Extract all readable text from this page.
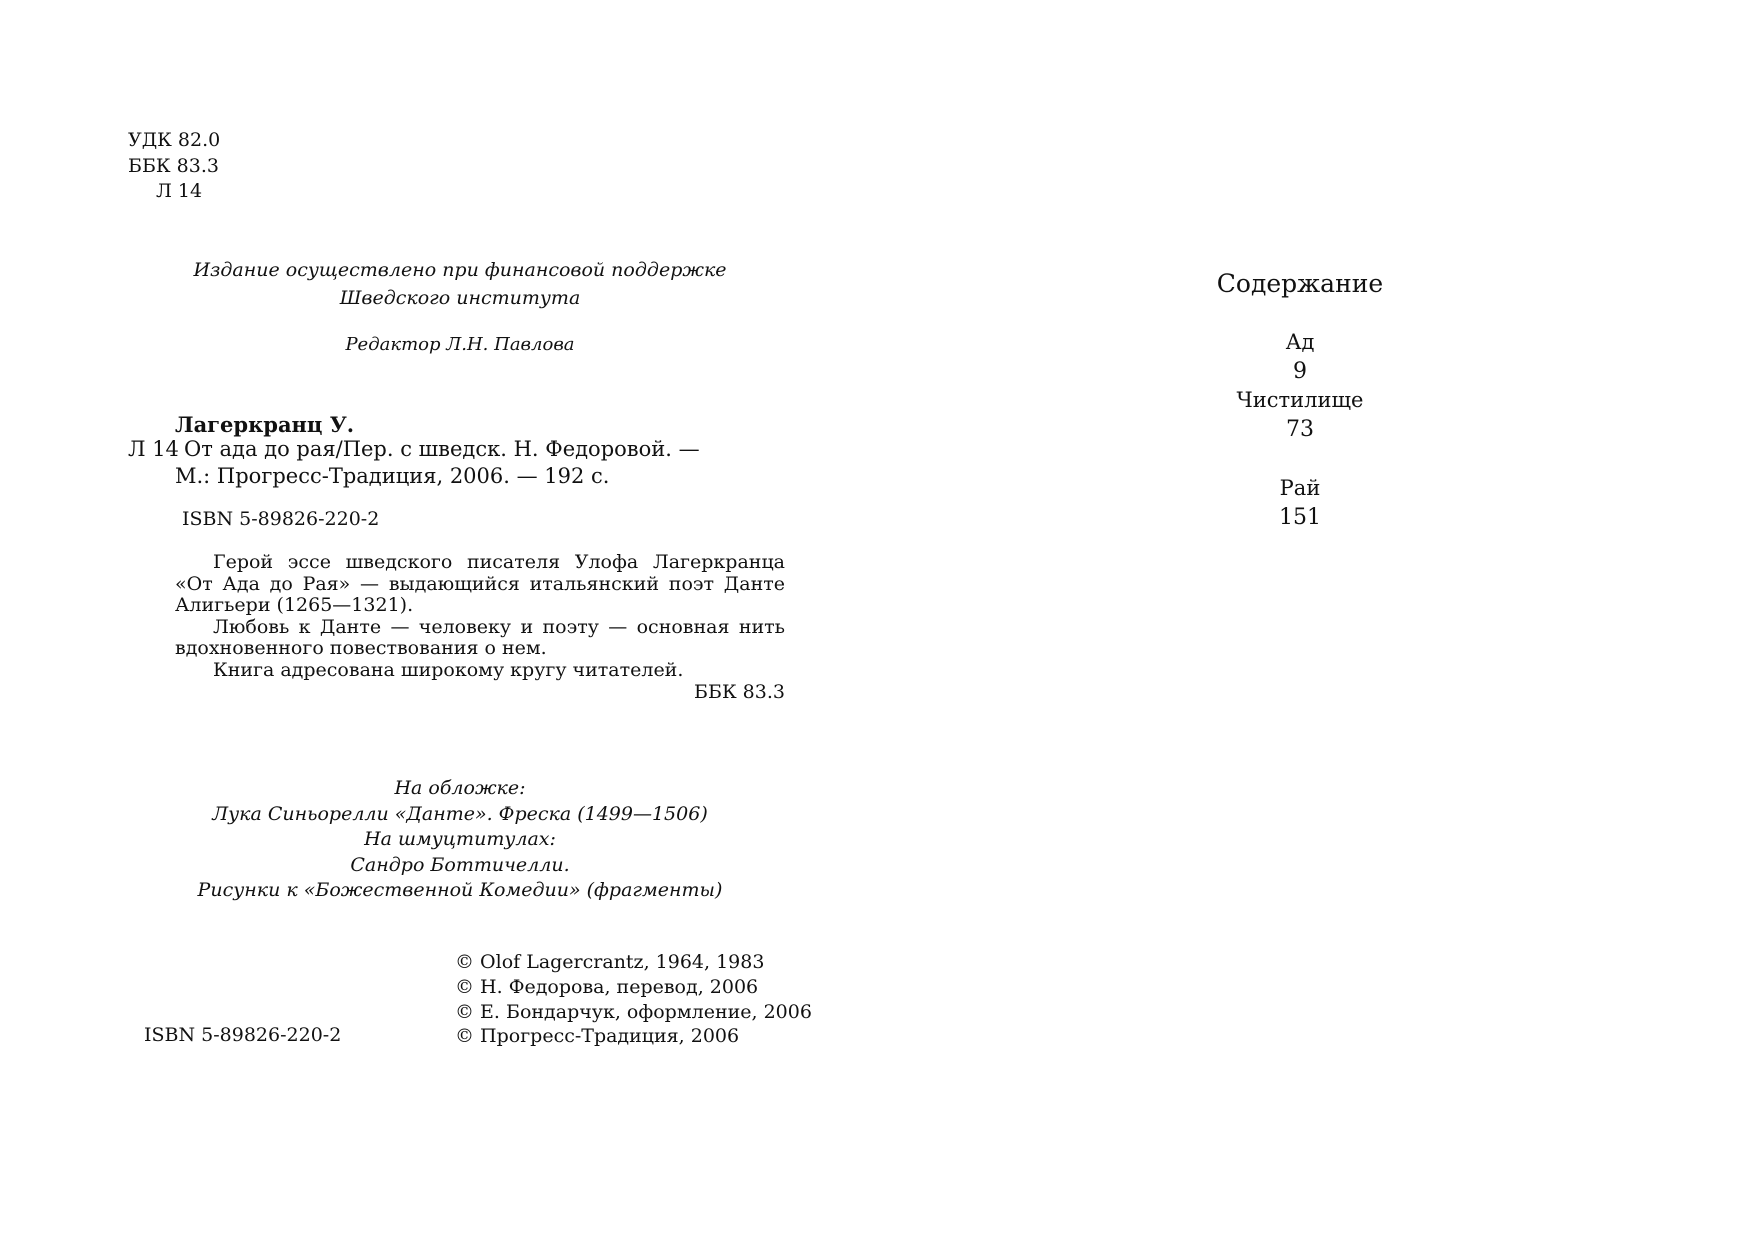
УДК 82.0
ББК 83.3
Л 14
Издание осуществлено при финансовой поддержке
Шведского института
Редактор Л.Н. Павлова
Лагеркранц У.
Л 14 От ада до рая/Пер. с шведск. Н. Федоровой. —
М.: Прогресс-Традиция, 2006. — 192 с.
ISBN 5-89826-220-2

Герой эссе шведского писателя Улофа Лагеркранца «От Ада до Рая» — выдающийся итальянский поэт Данте Алигьери (1265—1321).

Любовь к Данте — человеку и поэту — основная нить вдохновенного повествования о нем.

Книга адресована широкому кругу читателей.

ББК 83.3

На обложке:
Лука Синьорелли «Данте». Фреска (1499—1506)
На шмуцтитулах:
Сандро Боттичелли.
Рисунки к «Божественной Комедии» (фрагменты)
© Olof Lagercrantz, 1964, 1983
© Н. Федорова, перевод, 2006
© Е. Бондарчук, оформление, 2006
© Прогресс-Традиция, 2006
ISBN 5-89826-220-2
Содержание
Ад
9
Чистилище
73
Рай
151
